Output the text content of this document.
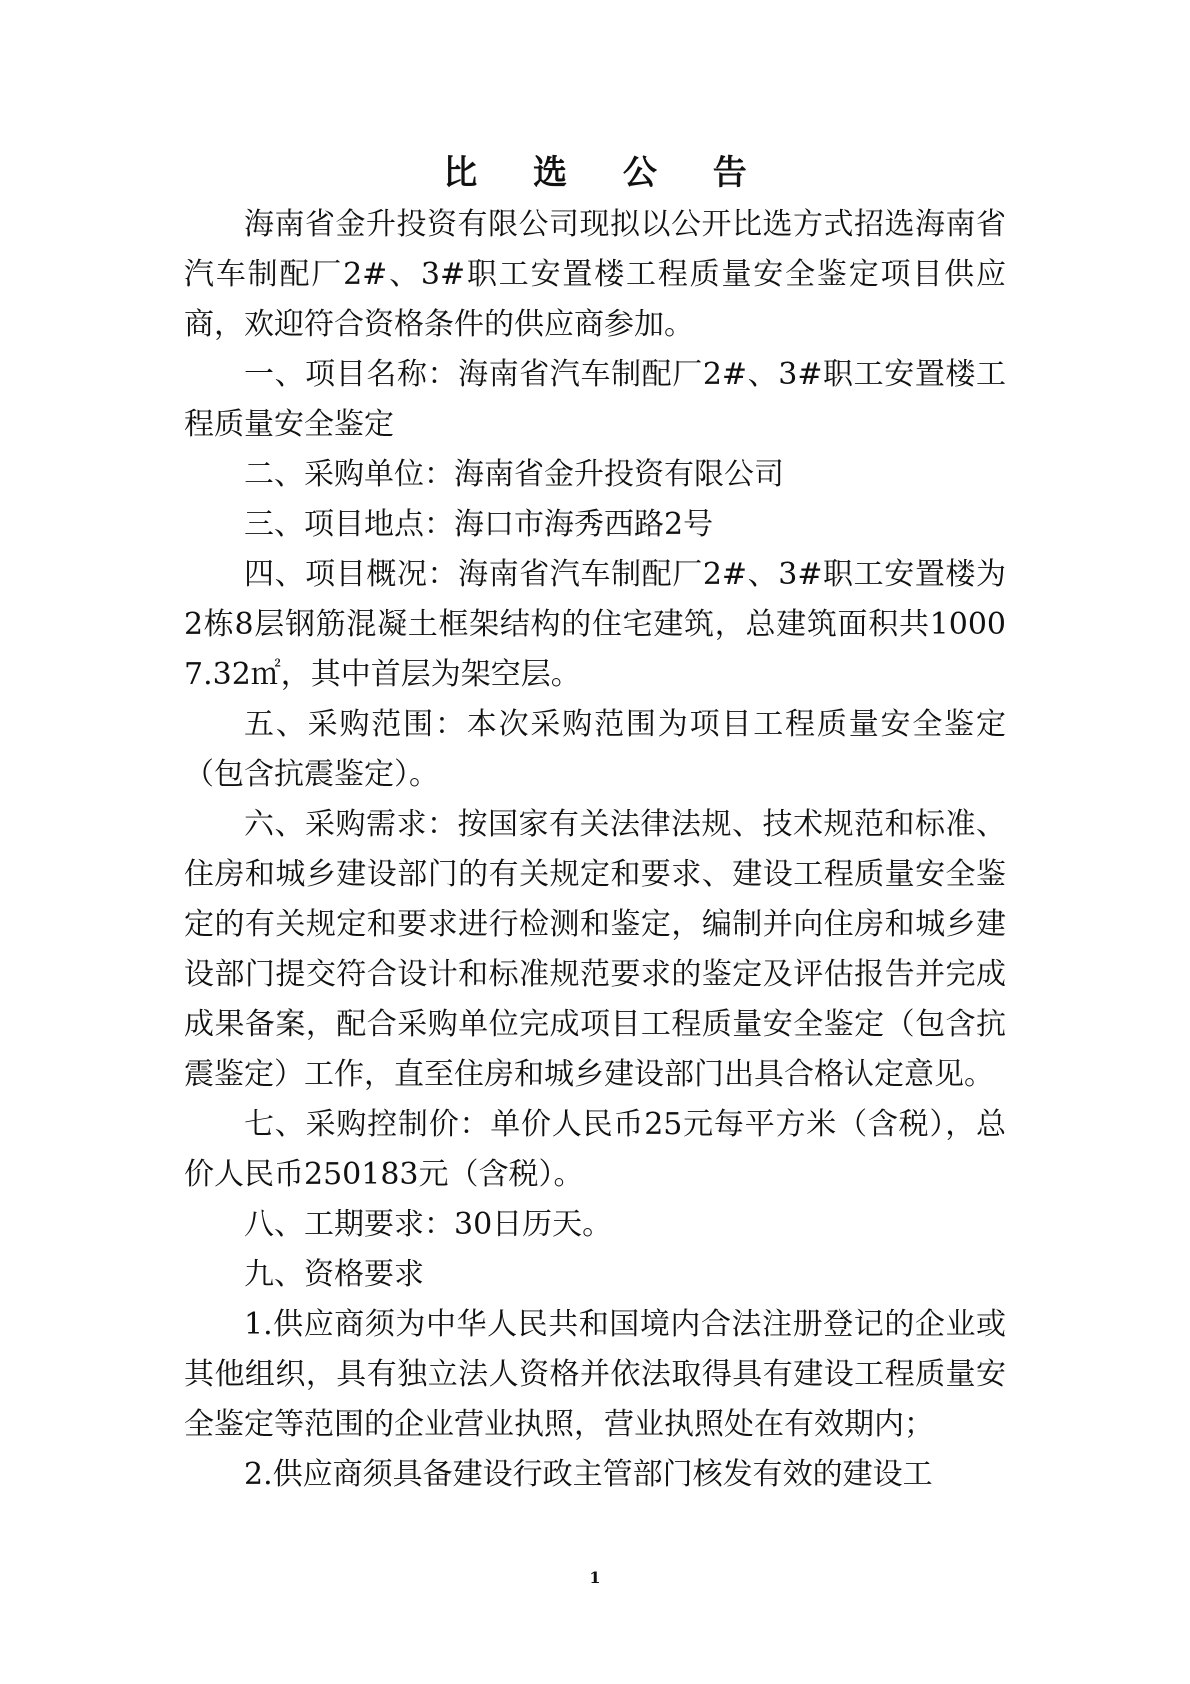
比 选 公 告

海南省金升投资有限公司现拟以公开比选方式招选海南省汽车制配厂2#、3#职工安置楼工程质量安全鉴定项目供应商，欢迎符合资格条件的供应商参加。

一、项目名称：海南省汽车制配厂2#、3#职工安置楼工程质量安全鉴定

二、采购单位：海南省金升投资有限公司

三、项目地点：海口市海秀西路2号

四、项目概况：海南省汽车制配厂2#、3#职工安置楼为2栋8层钢筋混凝土框架结构的住宅建筑，总建筑面积共10007.32㎡，其中首层为架空层。

五、采购范围：本次采购范围为项目工程质量安全鉴定（包含抗震鉴定）。

六、采购需求：按国家有关法律法规、技术规范和标准、住房和城乡建设部门的有关规定和要求、建设工程质量安全鉴定的有关规定和要求进行检测和鉴定，编制并向住房和城乡建设部门提交符合设计和标准规范要求的鉴定及评估报告并完成成果备案，配合采购单位完成项目工程质量安全鉴定（包含抗震鉴定）工作，直至住房和城乡建设部门出具合格认定意见。

七、采购控制价：单价人民币25元每平方米（含税），总价人民币250183元（含税）。

八、工期要求：30日历天。

九、资格要求

1.供应商须为中华人民共和国境内合法注册登记的企业或其他组织，具有独立法人资格并依法取得具有建设工程质量安全鉴定等范围的企业营业执照，营业执照处在有效期内；

2.供应商须具备建设行政主管部门核发有效的建设工

1
